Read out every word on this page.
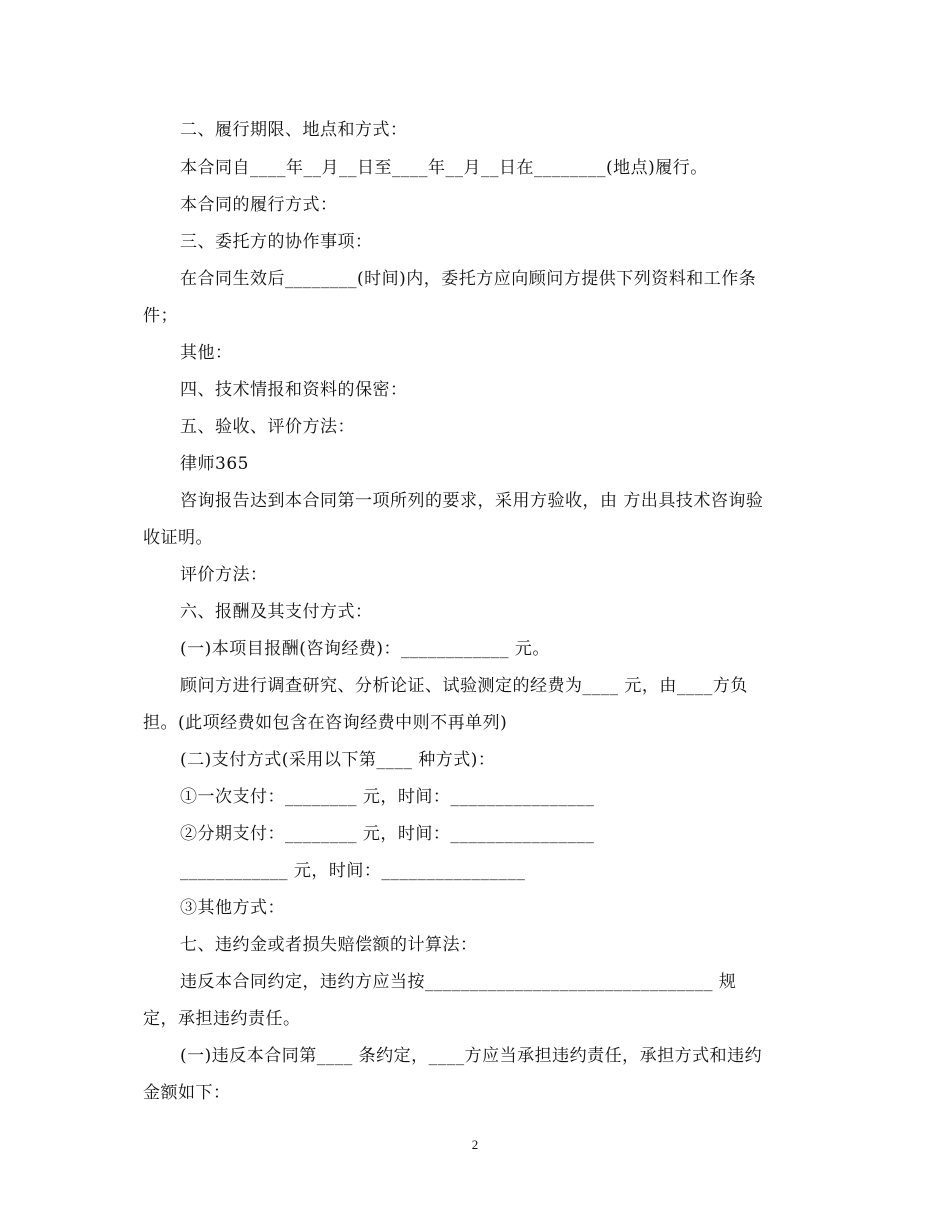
二、履行期限、地点和方式：
本合同自____年__月__日至____年__月__日在________(地点)履行。
本合同的履行方式：
三、委托方的协作事项：
在合同生效后________(时间)内，委托方应向顾问方提供下列资料和工作条
件；
其他：
四、技术情报和资料的保密：
五、验收、评价方法：
律师365
咨询报告达到本合同第一项所列的要求，采用方验收，由 方出具技术咨询验
收证明。
评价方法：
六、报酬及其支付方式：
(一)本项目报酬(咨询经费)：____________ 元。
顾问方进行调查研究、分析论证、试验测定的经费为____ 元，由____方负
担。(此项经费如包含在咨询经费中则不再单列)
(二)支付方式(采用以下第____ 种方式)：
①一次支付：________ 元，时间：________________
②分期支付：________ 元，时间：________________
____________ 元，时间：________________
③其他方式：
七、违约金或者损失赔偿额的计算法：
违反本合同约定，违约方应当按________________________________ 规
定，承担违约责任。
(一)违反本合同第____ 条约定，____方应当承担违约责任，承担方式和违约
金额如下：
2
